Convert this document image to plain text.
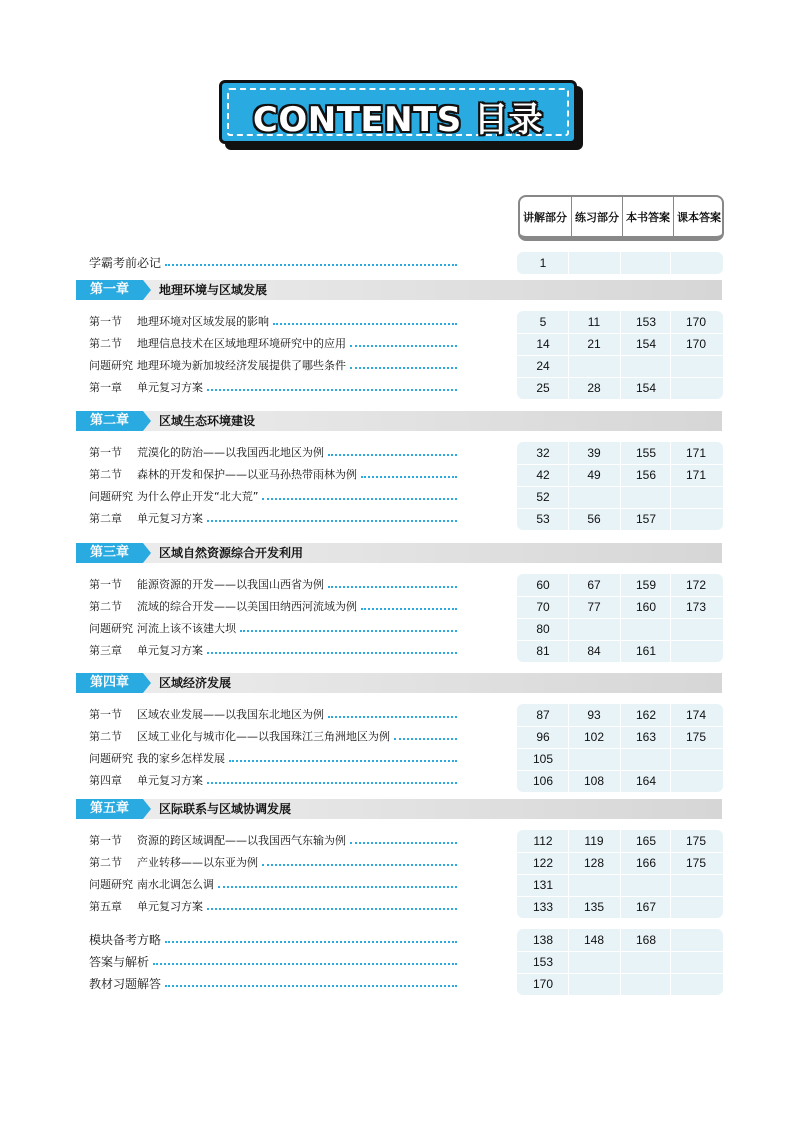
CONTENTS 目录
讲解部分 练习部分 本书答案 课本答案
学霸考前必记	1
第一章	地理环境与区域发展
第一节 地理环境对区域发展的影响	5	11	153	170
第二节 地理信息技术在区域地理环境研究中的应用	14	21	154	170
问题研究 地理环境为新加坡经济发展提供了哪些条件	24
第一章 单元复习方案	25	28	154
第二章	区域生态环境建设
第一节 荒漠化的防治——以我国西北地区为例	32	39	155	171
第二节 森林的开发和保护——以亚马孙热带雨林为例	42	49	156	171
问题研究 为什么停止开发“北大荒”	52
第二章 单元复习方案	53	56	157
第三章	区域自然资源综合开发利用
第一节 能源资源的开发——以我国山西省为例	60	67	159	172
第二节 流域的综合开发——以美国田纳西河流域为例	70	77	160	173
问题研究 河流上该不该建大坝	80
第三章 单元复习方案	81	84	161
第四章	区域经济发展
第一节 区域农业发展——以我国东北地区为例	87	93	162	174
第二节 区域工业化与城市化——以我国珠江三角洲地区为例	96	102	163	175
问题研究 我的家乡怎样发展	105
第四章 单元复习方案	106	108	164
第五章	区际联系与区域协调发展
第一节 资源的跨区域调配——以我国西气东输为例	112	119	165	175
第二节 产业转移——以东亚为例	122	128	166	175
问题研究 南水北调怎么调	131
第五章 单元复习方案	133	135	167
模块备考方略	138	148	168
答案与解析	153
教材习题解答	170
